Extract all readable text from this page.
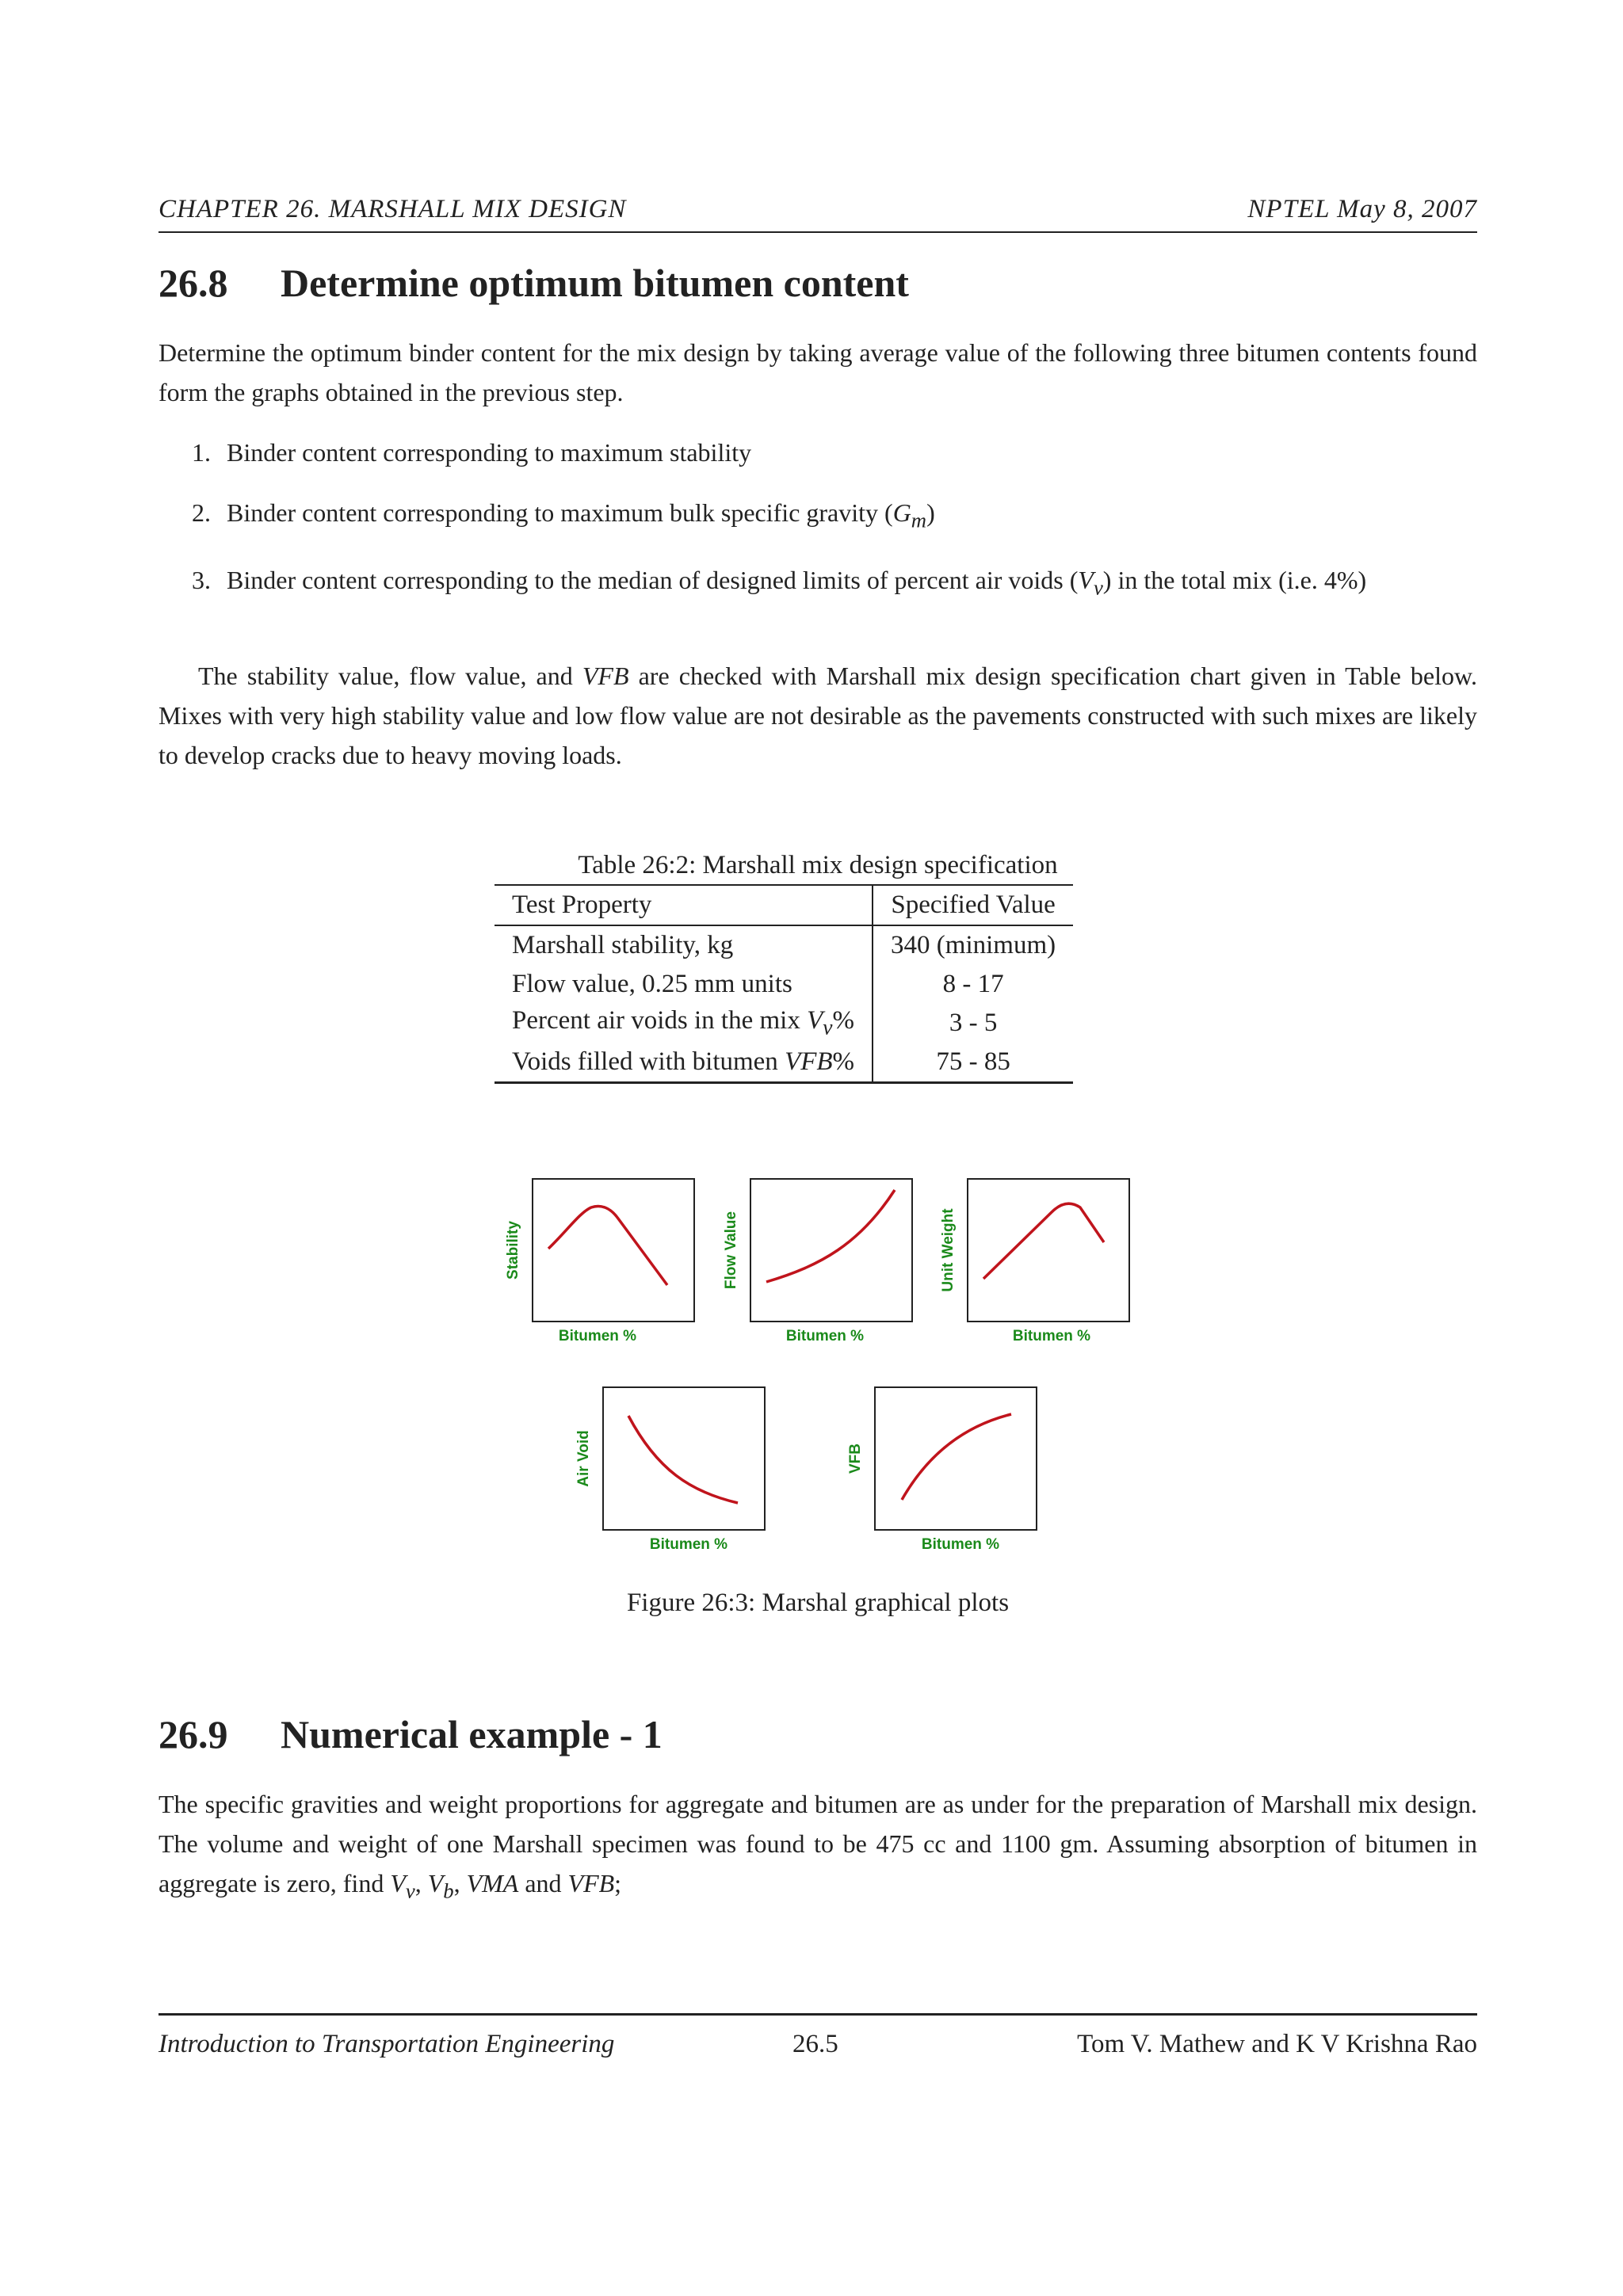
CHAPTER 26. MARSHALL MIX DESIGN	NPTEL May 8, 2007
26.8 Determine optimum bitumen content
Determine the optimum binder content for the mix design by taking average value of the following three bitumen contents found form the graphs obtained in the previous step.
1. Binder content corresponding to maximum stability
2. Binder content corresponding to maximum bulk specific gravity $(G_m)$
3. Binder content corresponding to the median of designed limits of percent air voids $(V_v)$ in the total mix (i.e. 4%)
The stability value, flow value, and VFB are checked with Marshall mix design specification chart given in Table below. Mixes with very high stability value and low flow value are not desirable as the pavements constructed with such mixes are likely to develop cracks due to heavy moving loads.
Table 26:2: Marshall mix design specification
Test Property	Specified Value
Marshall stability, kg	340 (minimum)
Flow value, 0.25 mm units	8 - 17
Percent air voids in the mix $V_v\%$	3 - 5
Voids filled with bitumen VFB%	75 - 85
Stability
Bitumen %
Flow Value
Bitumen %
Unit Weight
Bitumen %
Air Void
Bitumen %
VFB
Bitumen %
Figure 26:3: Marshal graphical plots
26.9 Numerical example - 1
The specific gravities and weight proportions for aggregate and bitumen are as under for the preparation of Marshall mix design. The volume and weight of one Marshall specimen was found to be 475 cc and 1100 gm. Assuming absorption of bitumen in aggregate is zero, find $V_v$, $V_b$, VMA and VFB;
Introduction to Transportation Engineering	26.5	Tom V. Mathew and K V Krishna Rao
